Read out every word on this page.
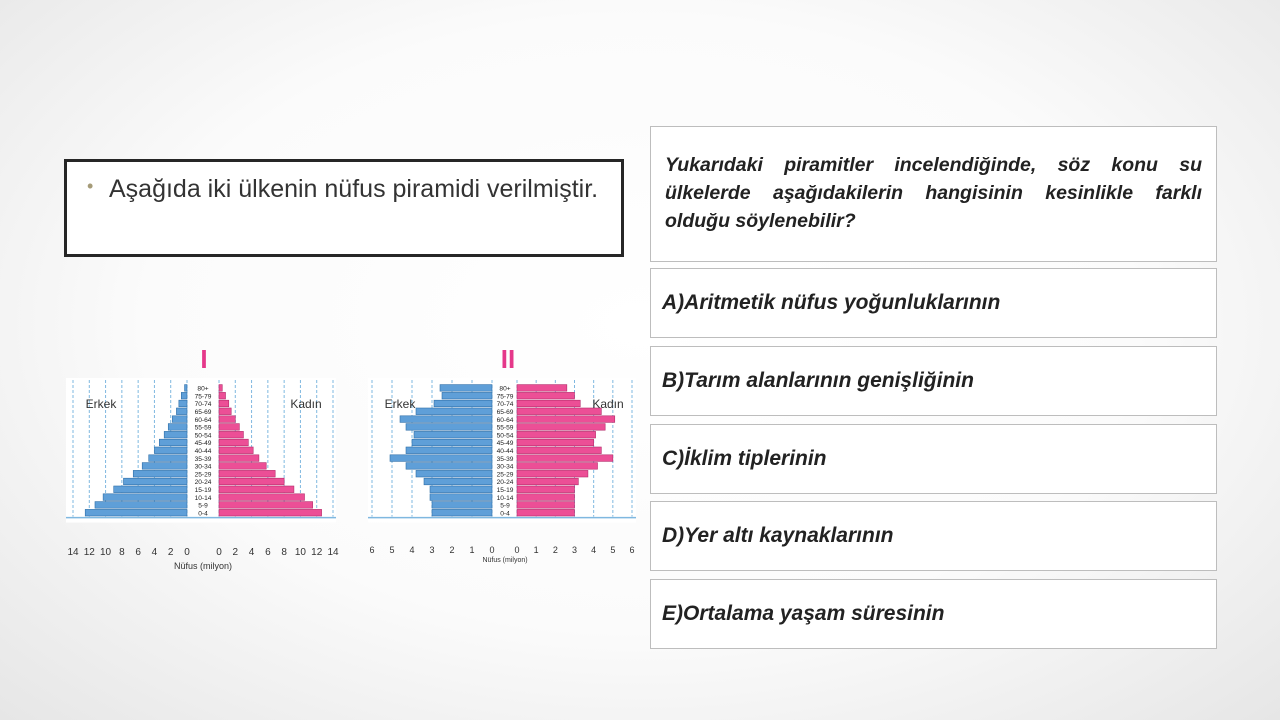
• Aşağıda iki ülkenin nüfus piramidi verilmiştir.
80+
75-79
70-74
65-69
60-64
55-59
50-54
45-49
40-44
35-39
30-34
25-29
20-24
15-19
10-14
5-9
0-4
14 12 10 8 6 4 2 0	0 2 4 6 8 10 12 14
Nüfus (milyon)
Erkek	Kadın
I
80+
75-79
70-74
65-69
60-64
55-59
50-54
45-49
40-44
35-39
30-34
25-29
20-24
15-19
10-14
5-9
0-4
6 5 4 3 2 1 0 0 1 2 3 4 5 6
Nüfus (milyon)
Erkek	Kadın
II
Yukarıdaki piramitler incelendiğinde, söz konu su ülkelerde aşağıdakilerin hangisinin kesinlikle farklı olduğu söylenebilir?
A)Aritmetik nüfus yoğunluklarının
B)Tarım alanlarının genişliğinin
C)İklim tiplerinin
D)Yer altı kaynaklarının
E)Ortalama yaşam süresinin
